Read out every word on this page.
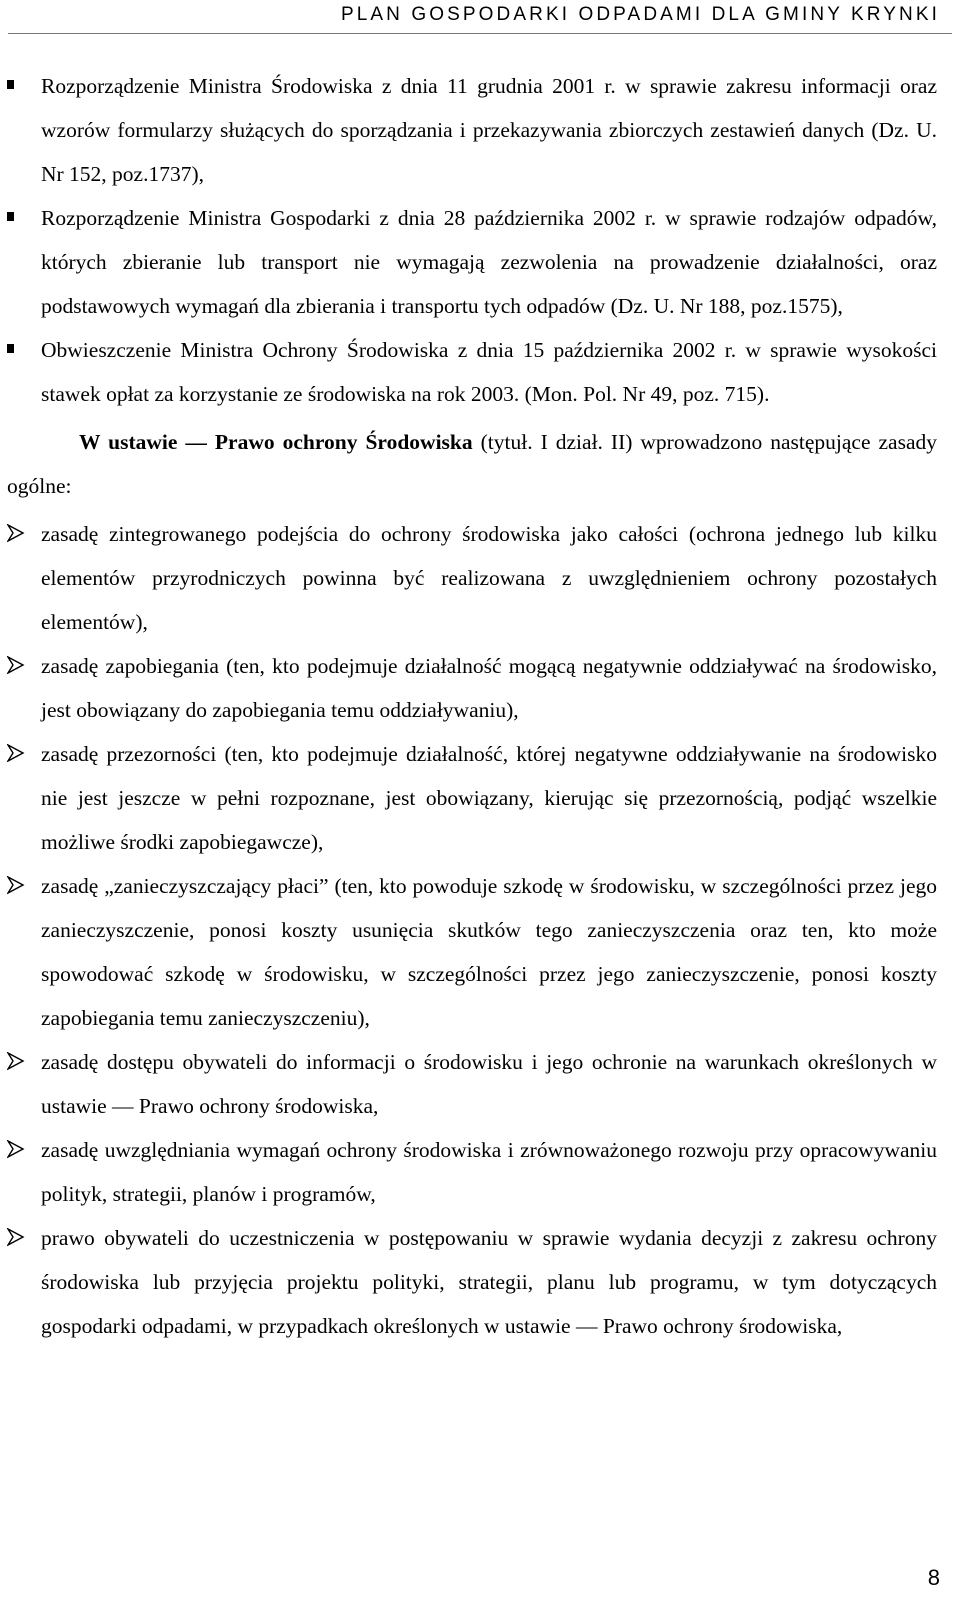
PLAN GOSPODARKI ODPADAMI DLA GMINY KRYNKI
Rozporządzenie Ministra Środowiska z dnia 11 grudnia 2001 r. w sprawie zakresu informacji oraz wzorów formularzy służących do sporządzania i przekazywania zbiorczych zestawień danych (Dz. U. Nr 152, poz.1737),
Rozporządzenie Ministra Gospodarki z dnia 28 października 2002 r. w sprawie rodzajów odpadów, których zbieranie lub transport nie wymagają zezwolenia na prowadzenie działalności, oraz podstawowych wymagań dla zbierania i transportu tych odpadów (Dz. U. Nr 188, poz.1575),
Obwieszczenie Ministra Ochrony Środowiska z dnia 15 października 2002 r. w sprawie wysokości stawek opłat za korzystanie ze środowiska na rok 2003. (Mon. Pol. Nr 49, poz. 715).

W ustawie — Prawo ochrony Środowiska (tytuł. I dział. II) wprowadzono następujące zasady ogólne:

zasadę zintegrowanego podejścia do ochrony środowiska jako całości (ochrona jednego lub kilku elementów przyrodniczych powinna być realizowana z uwzględnieniem ochrony pozostałych elementów),
zasadę zapobiegania (ten, kto podejmuje działalność mogącą negatywnie oddziaływać na środowisko, jest obowiązany do zapobiegania temu oddziaływaniu),
zasadę przezorności (ten, kto podejmuje działalność, której negatywne oddziaływanie na środowisko nie jest jeszcze w pełni rozpoznane, jest obowiązany, kierując się przezornością, podjąć wszelkie możliwe środki zapobiegawcze),
zasadę „zanieczyszczający płaci” (ten, kto powoduje szkodę w środowisku, w szczególności przez jego zanieczyszczenie, ponosi koszty usunięcia skutków tego zanieczyszczenia oraz ten, kto może spowodować szkodę w środowisku, w szczególności przez jego zanieczyszczenie, ponosi koszty zapobiegania temu zanieczyszczeniu),
zasadę dostępu obywateli do informacji o środowisku i jego ochronie na warunkach określonych w ustawie — Prawo ochrony środowiska,
zasadę uwzględniania wymagań ochrony środowiska i zrównoważonego rozwoju przy opracowywaniu polityk, strategii, planów i programów,
prawo obywateli do uczestniczenia w postępowaniu w sprawie wydania decyzji z zakresu ochrony środowiska lub przyjęcia projektu polityki, strategii, planu lub programu, w tym dotyczących gospodarki odpadami, w przypadkach określonych w ustawie — Prawo ochrony środowiska,
8
